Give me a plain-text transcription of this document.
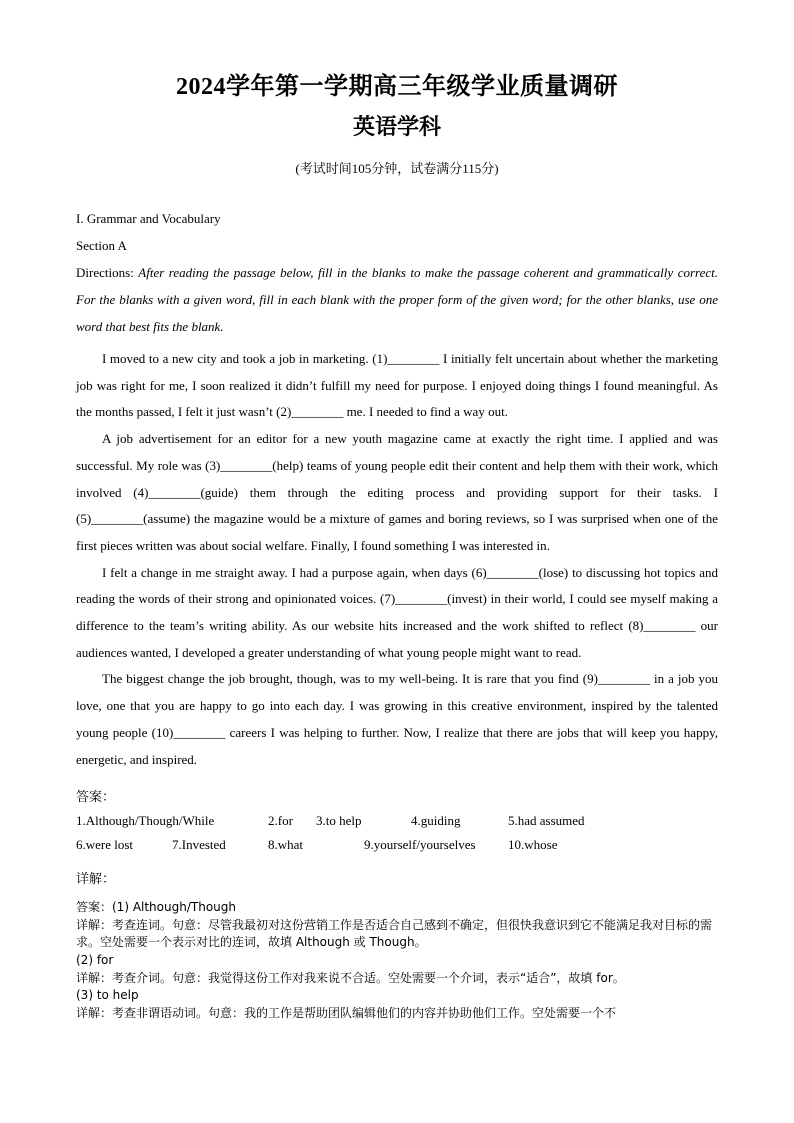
2024学年第一学期高三年级学业质量调研
英语学科
(考试时间105分钟，试卷满分115分)
I. Grammar and Vocabulary
Section A
Directions: After reading the passage below, fill in the blanks to make the passage coherent and grammatically correct. For the blanks with a given word, fill in each blank with the proper form of the given word; for the other blanks, use one word that best fits the blank.

I moved to a new city and took a job in marketing. (1)________ I initially felt uncertain about whether the marketing job was right for me, I soon realized it didn’t fulfill my need for purpose. I enjoyed doing things I found meaningful. As the months passed, I felt it just wasn’t (2)________ me. I needed to find a way out.

A job advertisement for an editor for a new youth magazine came at exactly the right time. I applied and was successful. My role was (3)________(help) teams of young people edit their content and help them with their work, which involved (4)________(guide) them through the editing process and providing support for their tasks. I (5)________(assume) the magazine would be a mixture of games and boring reviews, so I was surprised when one of the first pieces written was about social welfare. Finally, I found something I was interested in.

I felt a change in me straight away. I had a purpose again, when days (6)________(lose) to discussing hot topics and reading the words of their strong and opinionated voices. (7)________(invest) in their world, I could see myself making a difference to the team’s writing ability. As our website hits increased and the work shifted to reflect (8)________ our audiences wanted, I developed a greater understanding of what young people might want to read.

The biggest change the job brought, though, was to my well-being. It is rare that you find (9)________ in a job you love, one that you are happy to go into each day. I was growing in this creative environment, inspired by the talented young people (10)________ careers I was helping to further. Now, I realize that there are jobs that will keep you happy, energetic, and inspired.

答案：
1.Although/Though/While	2.for 3.to help	4.guiding	5.had assumed
6.were lost	7.Invested	8.what	9.yourself/yourselves 10.whose
详解：
答案：(1) Although/Though
详解：考查连词。句意：尽管我最初对这份营销工作是否适合自己感到不确定，但很快我意识到它不能满足我对目标的需求。空处需要一个表示对比的连词，故填 Although 或 Though。
(2) for
详解：考查介词。句意：我觉得这份工作对我来说不合适。空处需要一个介词，表示“适合”，故填 for。
(3) to help
详解：考查非谓语动词。句意：我的工作是帮助团队编辑他们的内容并协助他们工作。空处需要一个不
